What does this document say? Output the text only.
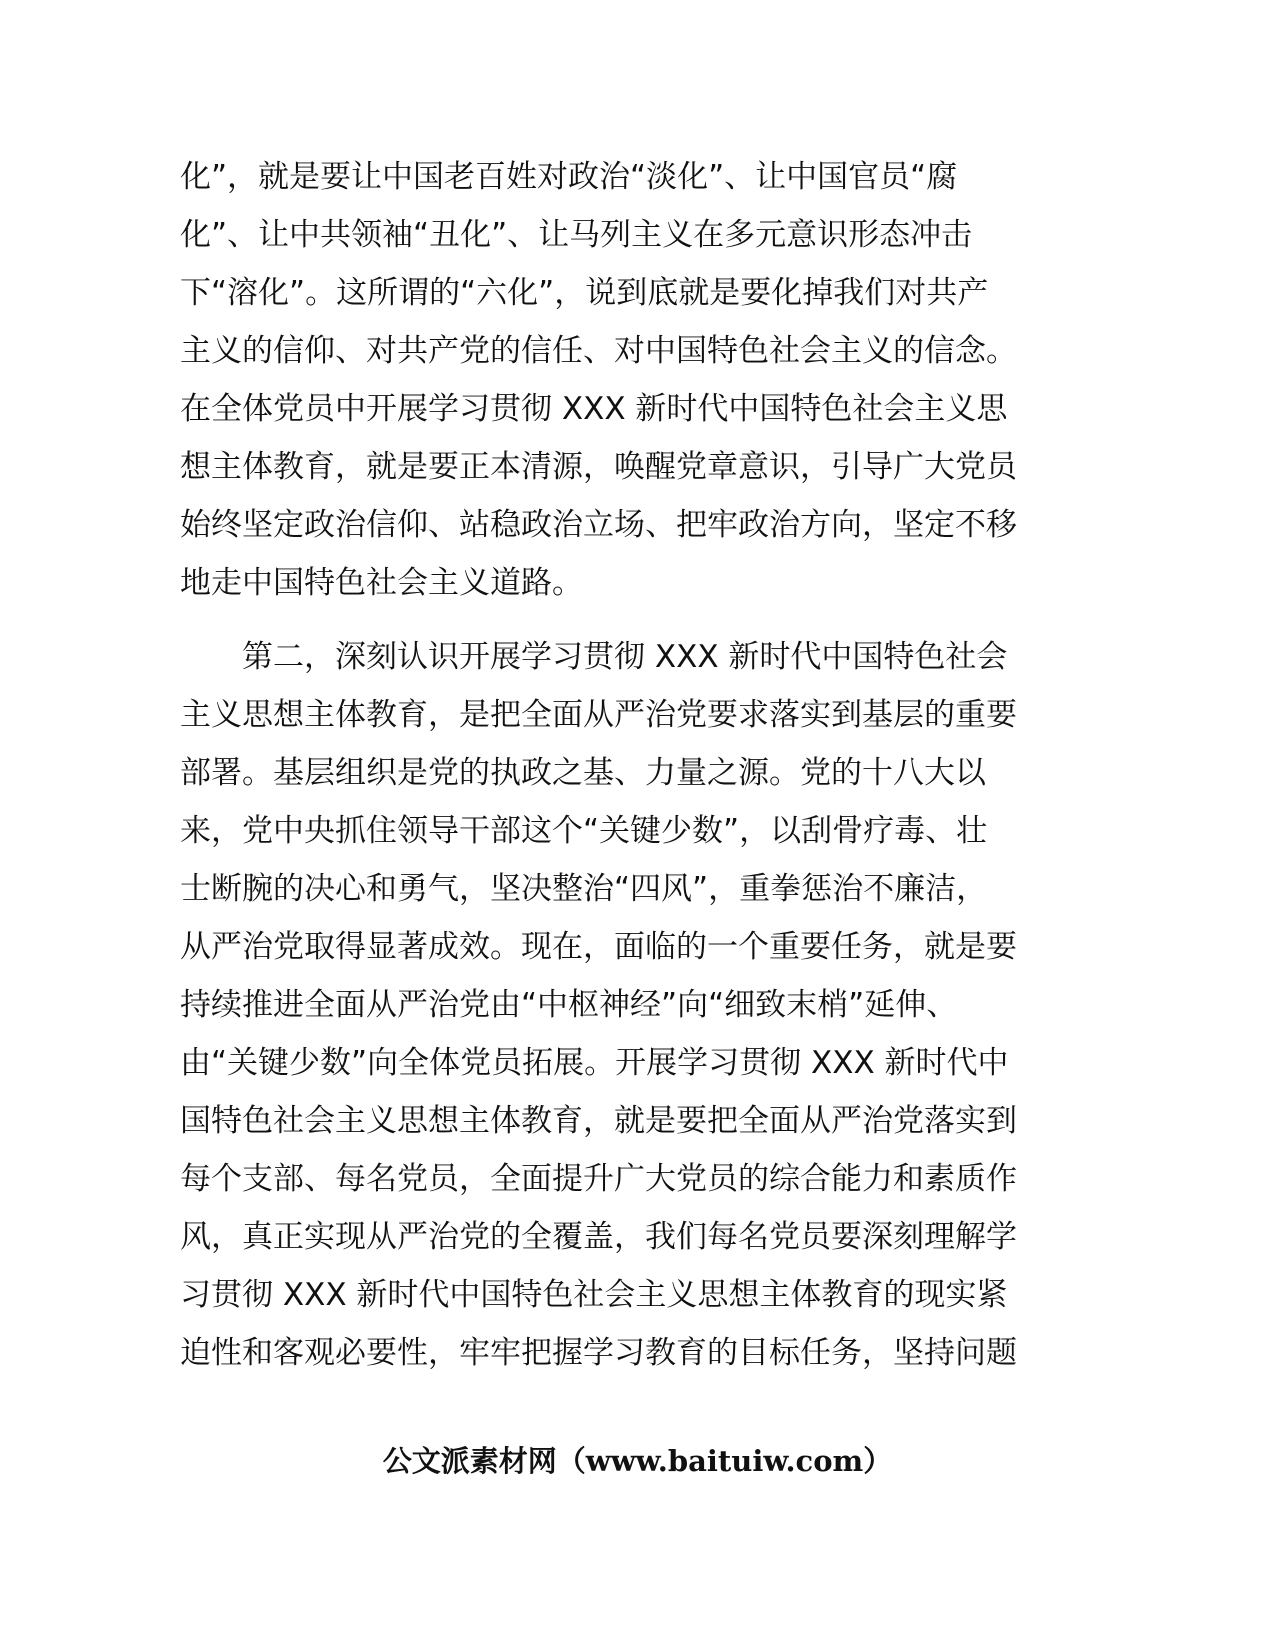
化”，就是要让中国老百姓对政治“淡化”、让中国官员“腐
化”、让中共领袖“丑化”、让马列主义在多元意识形态冲击
下“溶化”。这所谓的“六化”，说到底就是要化掉我们对共产
主义的信仰、对共产党的信任、对中国特色社会主义的信念。
在全体党员中开展学习贯彻 XXX 新时代中国特色社会主义思
想主体教育，就是要正本清源，唤醒党章意识，引导广大党员
始终坚定政治信仰、站稳政治立场、把牢政治方向，坚定不移
地走中国特色社会主义道路。
　　第二，深刻认识开展学习贯彻 XXX 新时代中国特色社会
主义思想主体教育，是把全面从严治党要求落实到基层的重要
部署。基层组织是党的执政之基、力量之源。党的十八大以
来，党中央抓住领导干部这个“关键少数”，以刮骨疗毒、壮
士断腕的决心和勇气，坚决整治“四风”，重拳惩治不廉洁，
从严治党取得显著成效。现在，面临的一个重要任务，就是要
持续推进全面从严治党由“中枢神经”向“细致末梢”延伸、
由“关键少数”向全体党员拓展。开展学习贯彻 XXX 新时代中
国特色社会主义思想主体教育，就是要把全面从严治党落实到
每个支部、每名党员，全面提升广大党员的综合能力和素质作
风，真正实现从严治党的全覆盖，我们每名党员要深刻理解学
习贯彻 XXX 新时代中国特色社会主义思想主体教育的现实紧
迫性和客观必要性，牢牢把握学习教育的目标任务，坚持问题
公文派素材网（www.baituiw.com）
